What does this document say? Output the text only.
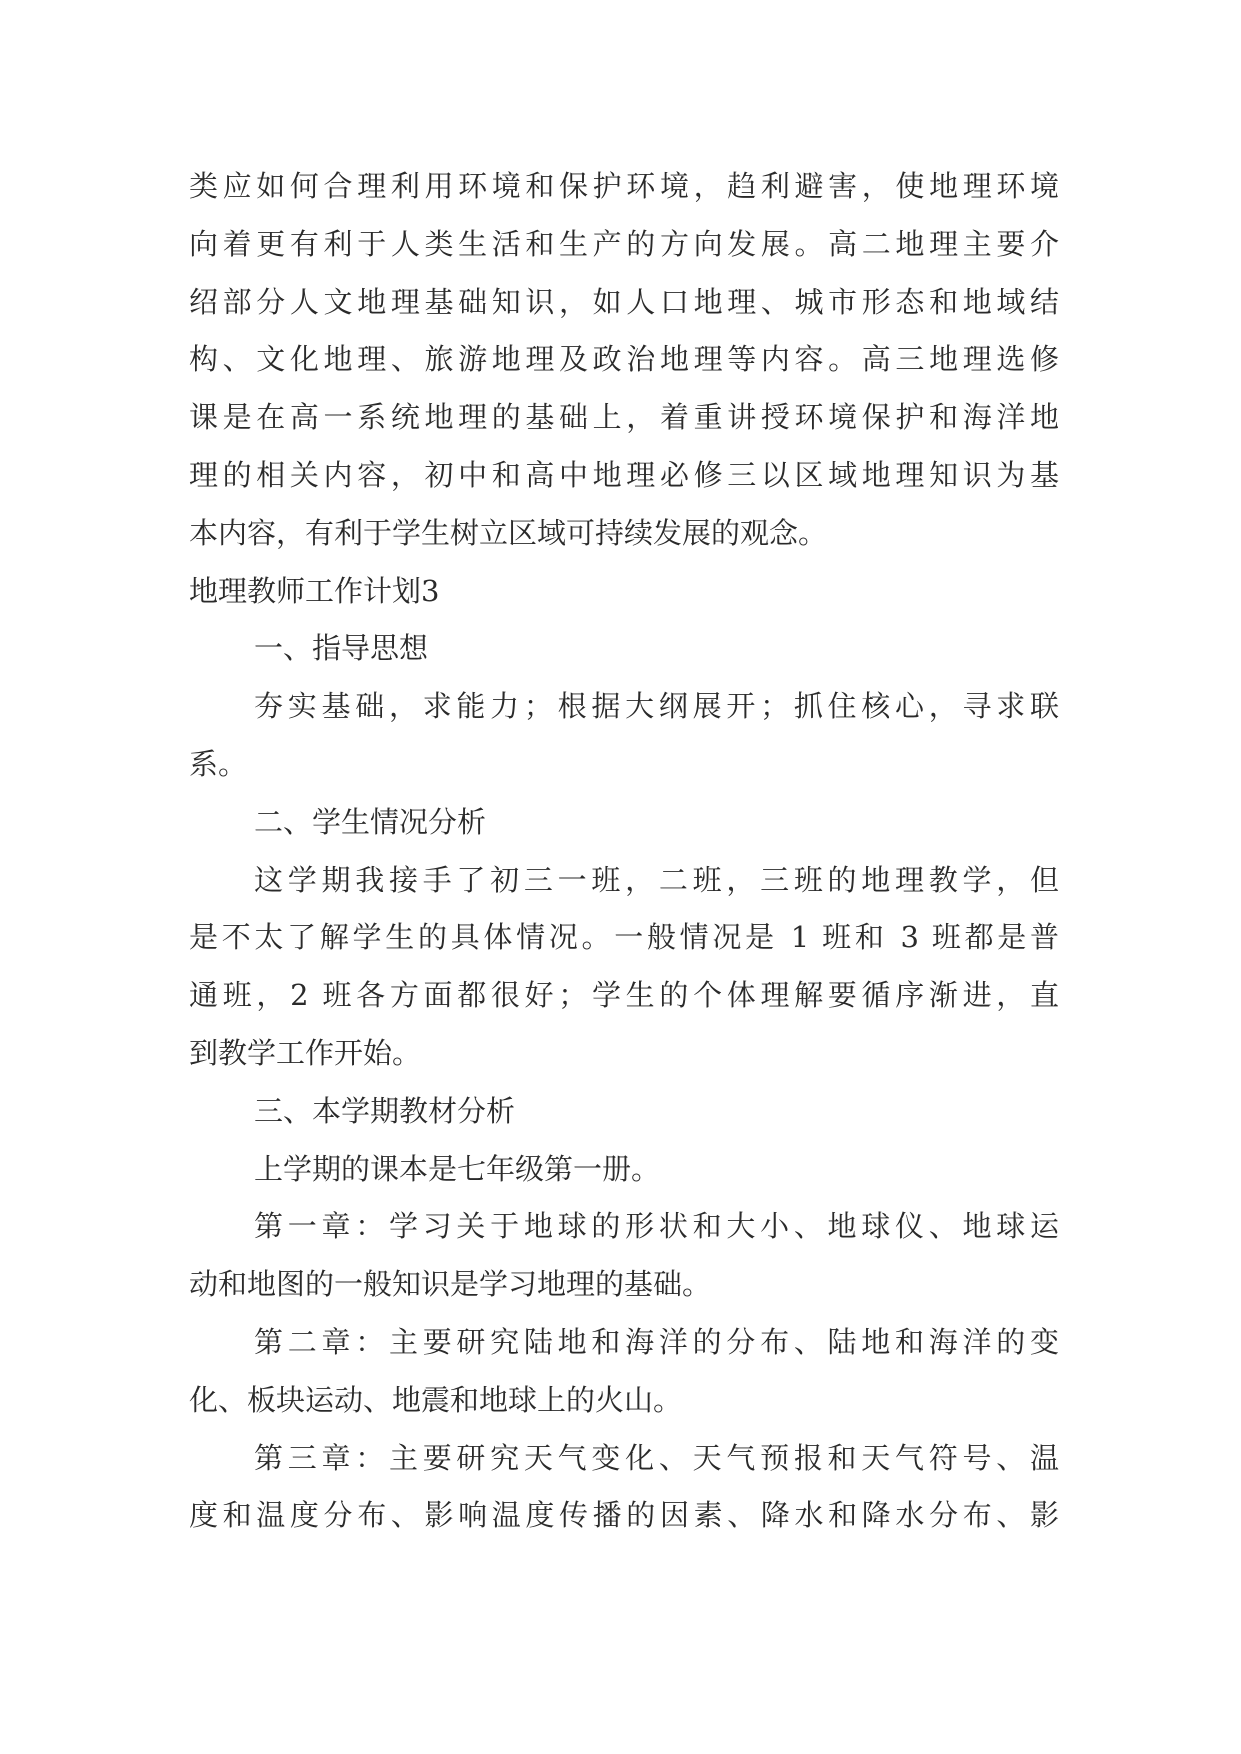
类应如何合理利用环境和保护环境，趋利避害，使地理环境
向着更有利于人类生活和生产的方向发展。高二地理主要介
绍部分人文地理基础知识，如人口地理、城市形态和地域结
构、文化地理、旅游地理及政治地理等内容。高三地理选修
课是在高一系统地理的基础上，着重讲授环境保护和海洋地
理的相关内容，初中和高中地理必修三以区域地理知识为基
本内容，有利于学生树立区域可持续发展的观念。
地理教师工作计划3
一、指导思想
夯实基础，求能力；根据大纲展开；抓住核心，寻求联
系。
二、学生情况分析
这学期我接手了初三一班，二班，三班的地理教学，但
是不太了解学生的具体情况。一般情况是 1 班和 3 班都是普
通班，2 班各方面都很好；学生的个体理解要循序渐进，直
到教学工作开始。
三、本学期教材分析
上学期的课本是七年级第一册。
第一章：学习关于地球的形状和大小、地球仪、地球运
动和地图的一般知识是学习地理的基础。
第二章：主要研究陆地和海洋的分布、陆地和海洋的变
化、板块运动、地震和地球上的火山。
第三章：主要研究天气变化、天气预报和天气符号、温
度和温度分布、影响温度传播的因素、降水和降水分布、影
